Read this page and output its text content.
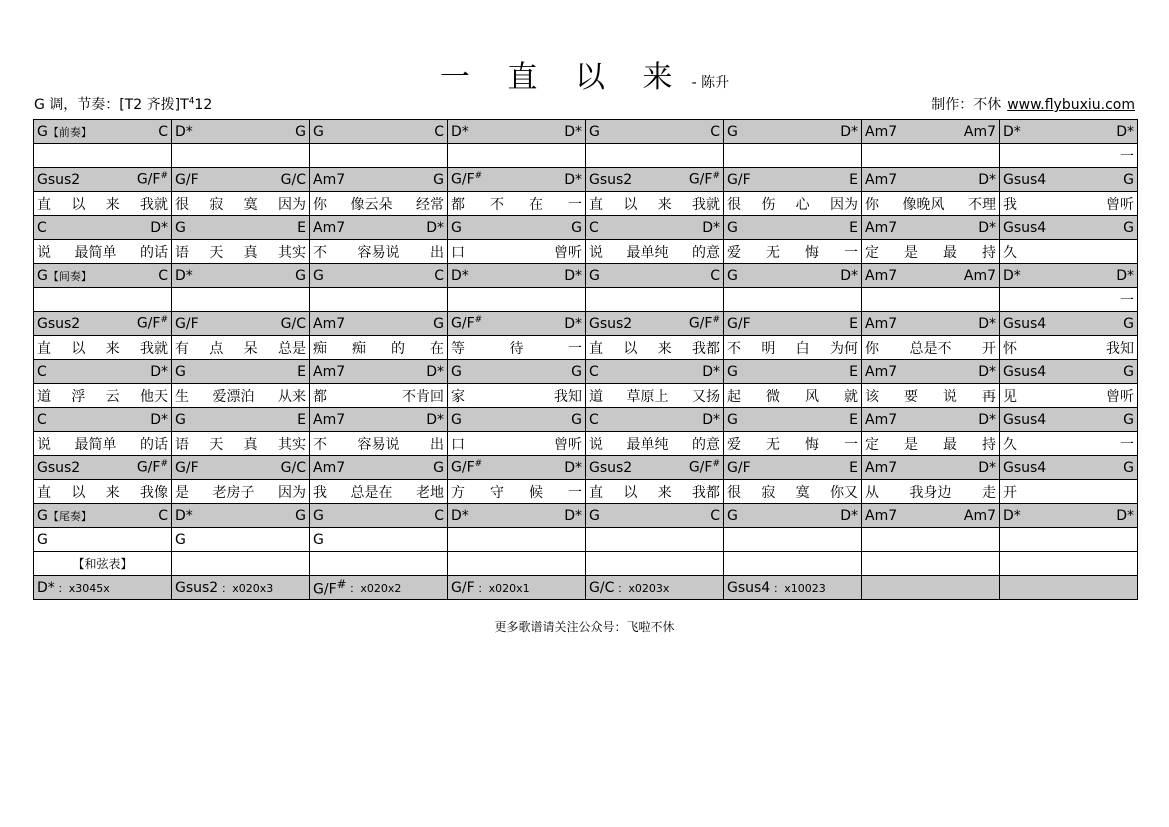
一 直 以 来 - 陈升
G 调，节奏：[T2 齐拨]$T^412$	制作：不休 www.flybuxiu.com
G【前奏】 C	D* G	G C	D* D*	G C	G D*	Am7 Am7	D* D*

							一

Gsus2 G/F#	G/F G/C	Am7 G	G/F# D*	Gsus2 G/F#	G/F E	Am7 D*	Gsus4 G

直 以 来 我就	很 寂 寞 因为	你 像云朵 经常	都 不 在 一	直 以 来 我就	很 伤 心 因为	你 像晚风 不理	我 曾听

C D*	G E	Am7 D*	G G	C D*	G E	Am7 D*	Gsus4 G

说 最简单 的话	语 天 真 其实	不 容易说 出	口 曾听	说 最单纯 的意	爱 无 悔 一	定 是 最 持	久

G【间奏】 C	D* G	G C	D* D*	G C	G D*	Am7 Am7	D* D*

							一

Gsus2 G/F#	G/F G/C	Am7 G	G/F# D*	Gsus2 G/F#	G/F E	Am7 D*	Gsus4 G

直 以 来 我就	有 点 呆 总是	痴 痴 的 在	等 待 一	直 以 来 我都	不 明 白 为何	你 总是不 开	怀 我知

C D*	G E	Am7 D*	G G	C D*	G E	Am7 D*	Gsus4 G

道 浮 云 他天	生 爱漂泊 从来	都 不肯回	家 我知	道 草原上 又扬	起 微 风 就	该 要 说 再	见 曾听

C D*	G E	Am7 D*	G G	C D*	G E	Am7 D*	Gsus4 G

说 最简单 的话	语 天 真 其实	不 容易说 出	口 曾听	说 最单纯 的意	爱 无 悔 一	定 是 最 持	久 一

Gsus2 G/F#	G/F G/C	Am7 G	G/F# D*	Gsus2 G/F#	G/F E	Am7 D*	Gsus4 G

直 以 来 我像	是 老房子 因为	我 总是在 老地	方 守 候 一	直 以 来 我都	很 寂 寞 你又	从 我身边 走	开

G【尾奏】 C	D* G	G C	D* D*	G C	G D*	Am7 Am7	D* D*

G	G	G					

【和弦表】							

D* ：x3045x	Gsus2 ：x020x3	G/F# ：x020x2	G/F ：x020x1	G/C ：x0203x	Gsus4 ：x10023		

更多歌谱请关注公众号：飞啦不休
